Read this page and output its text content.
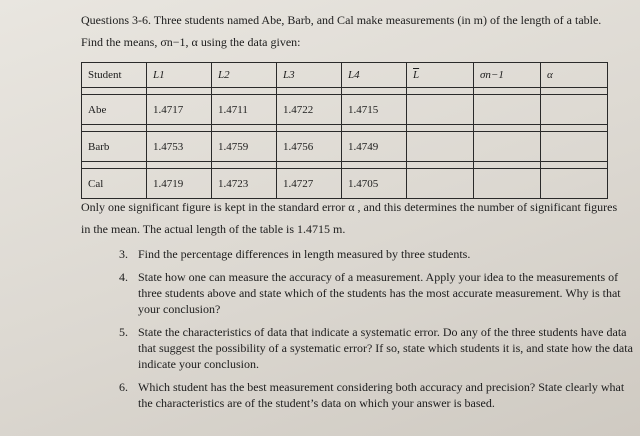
Questions 3-6. Three students named Abe, Barb, and Cal make measurements (in m) of the length of a table. Find the means, σn−1, α using the data given:

Student	L1	L2	L3	L4	$\overline{L}$	σn−1	α

Abe	1.4717	1.4711	1.4722	1.4715			

Barb	1.4753	1.4759	1.4756	1.4749			

Cal	1.4719	1.4723	1.4727	1.4705			

Only one significant figure is kept in the standard error α , and this determines the number of significant figures in the mean. The actual length of the table is 1.4715 m.

3. Find the percentage differences in length measured by three students.
4. State how one can measure the accuracy of a measurement. Apply your idea to the measurements of three students above and state which of the students has the most accurate measurement. Why is that your conclusion?
5. State the characteristics of data that indicate a systematic error. Do any of the three students have data that suggest the possibility of a systematic error? If so, state which students it is, and state how the data indicate your conclusion.
6. Which student has the best measurement considering both accuracy and precision? State clearly what the characteristics are of the student’s data on which your answer is based.
